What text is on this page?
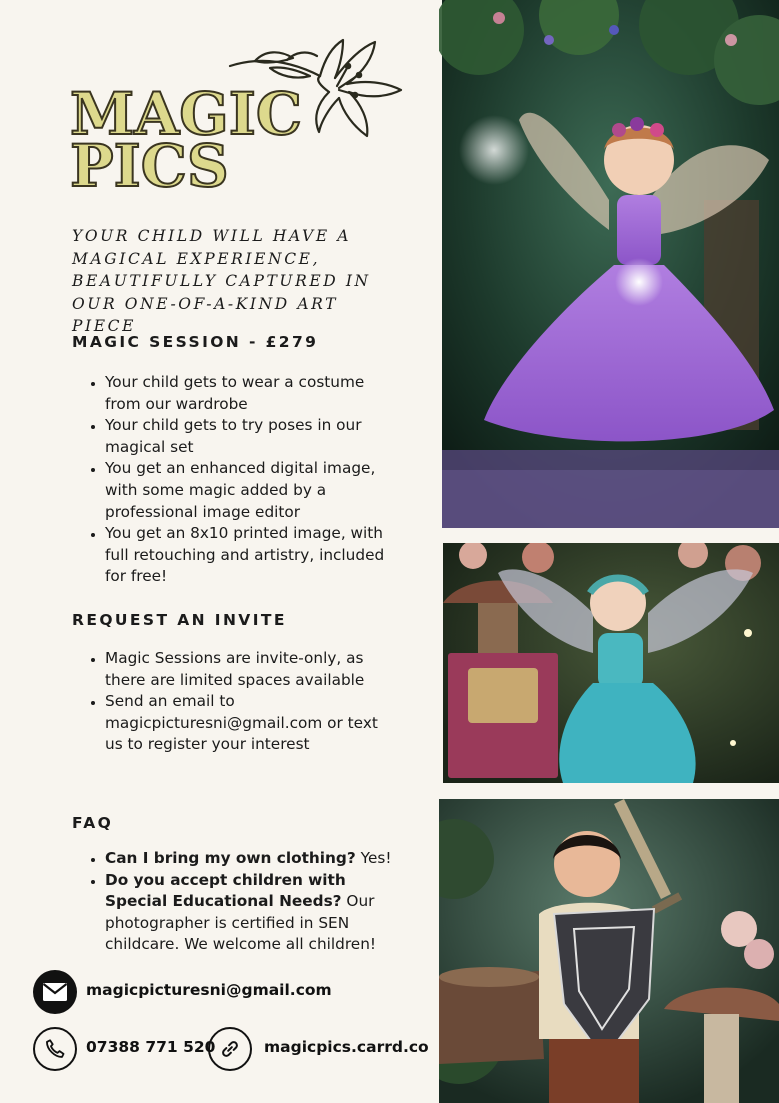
MAGIC
PICS
YOUR CHILD WILL HAVE A MAGICAL EXPERIENCE, BEAUTIFULLY CAPTURED IN OUR ONE-OF-A-KIND ART PIECE
MAGIC SESSION - £279
• Your child gets to wear a costume from our wardrobe
• Your child gets to try poses in our magical set
• You get an enhanced digital image, with some magic added by a professional image editor
• You get an 8x10 printed image, with full retouching and artistry, included for free!
REQUEST AN INVITE
• Magic Sessions are invite-only, as there are limited spaces available
• Send an email to magicpicturesni@gmail.com or text us to register your interest
FAQ
• Can I bring my own clothing? Yes!
• Do you accept children with Special Educational Needs? Our photographer is certified in SEN childcare. We welcome all children!
magicpicturesni@gmail.com
07388 771 520	magicpics.carrd.co
